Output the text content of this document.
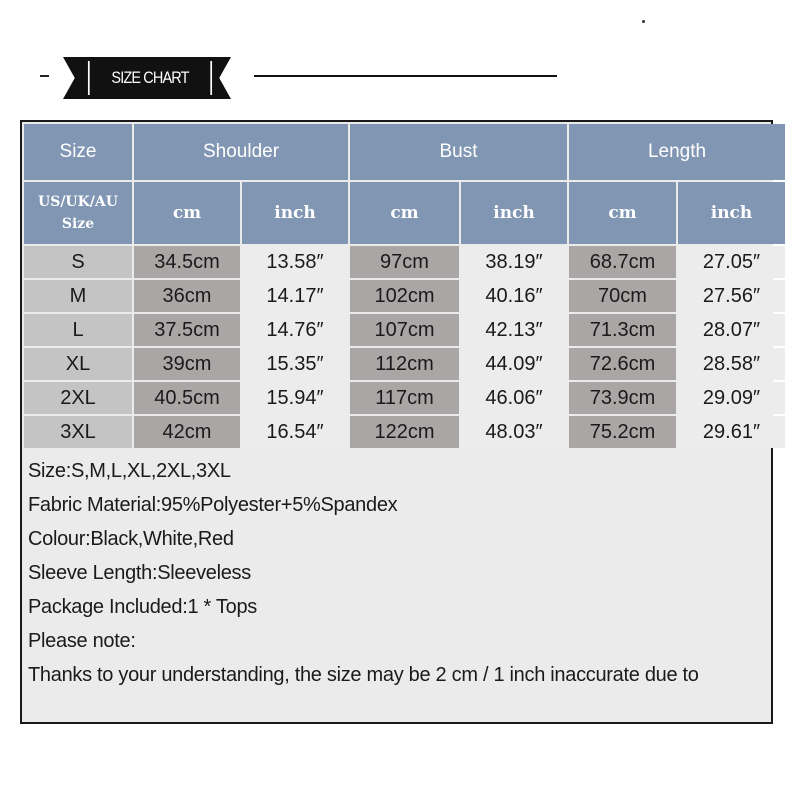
SIZE CHART
Size	Shoulder	Bust	Length
US/UK/AU
Size
cm	inch	cm	inch	cm	inch
S	34.5cm	13.58″	97cm	38.19″	68.7cm	27.05″
M	36cm	14.17″	102cm	40.16″	70cm	27.56″
L	37.5cm	14.76″	107cm	42.13″	71.3cm	28.07″
XL	39cm	15.35″	112cm	44.09″	72.6cm	28.58″
2XL	40.5cm	15.94″	117cm	46.06″	73.9cm	29.09″
3XL	42cm	16.54″	122cm	48.03″	75.2cm	29.61″
Size:S,M,L,XL,2XL,3XL
Fabric Material:95%Polyester+5%Spandex
Colour:Black,White,Red
Sleeve Length:Sleeveless
Package Included:1 * Tops
Please note:
Thanks to your understanding, the size may be 2 cm / 1 inch inaccurate due to
